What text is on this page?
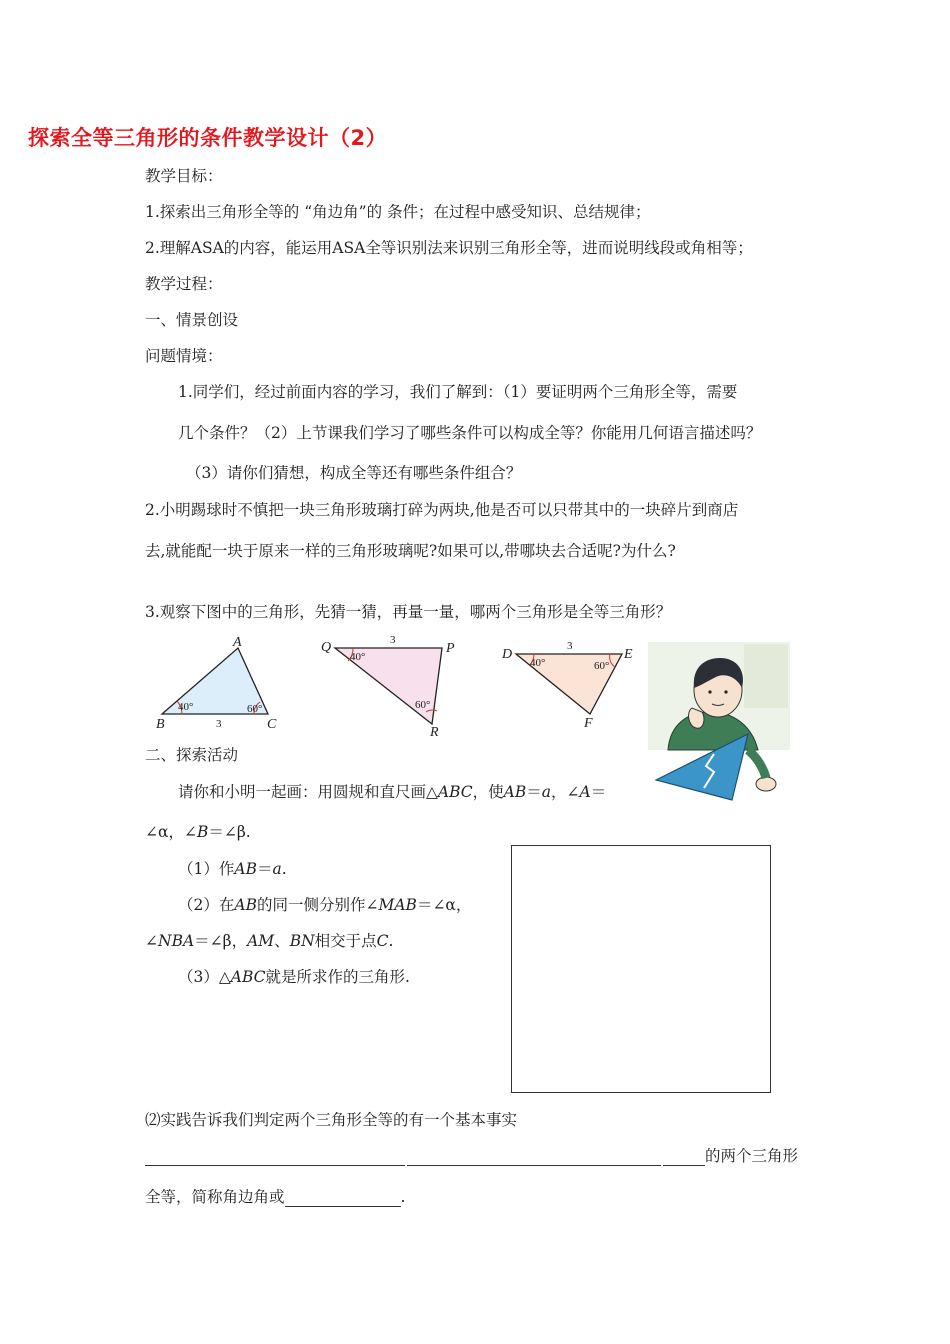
探索全等三角形的条件教学设计（2）
教学目标：
1.探索出三角形全等的 “角边角”的 条件；在过程中感受知识、总结规律；
2.理解ASA的内容，能运用ASA全等识别法来识别三角形全等，进而说明线段或角相等；
教学过程：
一、情景创设
问题情境：
1.同学们，经过前面内容的学习，我们了解到：（1）要证明两个三角形全等，需要
几个条件？（2）上节课我们学习了哪些条件可以构成全等？你能用几何语言描述吗？
（3）请你们猜想，构成全等还有哪些条件组合？
2.小明踢球时不慎把一块三角形玻璃打碎为两块,他是否可以只带其中的一块碎片到商店
去,就能配一块于原来一样的三角形玻璃呢?如果可以,带哪块去合适呢?为什么?
3.观察下图中的三角形，先猜一猜，再量一量，哪两个三角形是全等三角形？
A
B	C
3
40°	60°
Q	P
R
3
40°
60°
D	E
F
3
40°	60°
二、探索活动
请你和小明一起画：用圆规和直尺画△ABC，使AB＝a，∠A＝
∠α，∠B＝∠β.
（1）作AB＝a.
（2）在AB的同一侧分别作∠MAB＝∠α，
∠NBA＝∠β，AM、BN相交于点C.
（3）△ABC就是所求作的三角形.
⑵实践告诉我们判定两个三角形全等的有一个基本事实
的两个三角形
全等，简称角边角或	.
